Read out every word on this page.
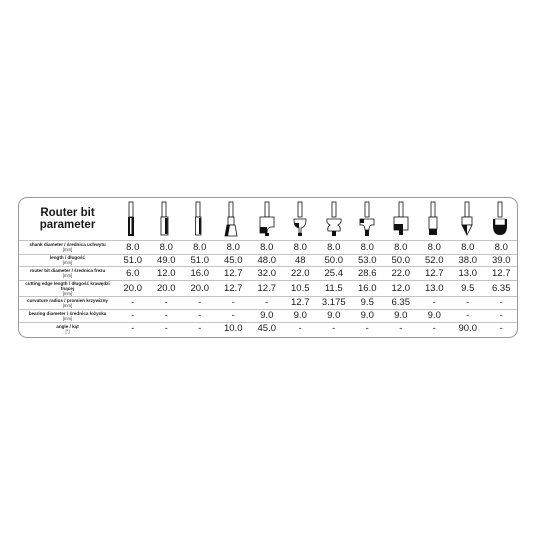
Router bit
parameter

shank diameter / średnica uchwytu
[mm]	8.0	8.0	8.0	8.0	8.0	8.0	8.0	8.0	8.0	8.0	8.0	8.0

length / długość
[mm]	51.0	49.0	51.0	45.0	48.0	48	50.0	53.0	50.0	52.0	38.0	39.0

router bit diameter / średnica frezu
[mm]	6.0	12.0	16.0	12.7	32.0	22.0	25.4	28.6	22.0	12.7	13.0	12.7

cutting edge length / długość krawędzi tnącej
[mm]	20.0	20.0	20.0	12.7	12.7	10.5	11.5	16.0	12.0	13.0	9.5	6.35

curvature radius / promień krzywizny
[mm]	-	-	-	-	-	12.7	3.175	9.5	6.35	-	-	-

bearing diameter / średnica łożyska
[mm]	-	-	-	-	9.0	9.0	9.0	9.0	9.0	9.0	-	-

angle / kąt
[°]	-	-	-	10.0	45.0	-	-	-	-	-	90.0	-
